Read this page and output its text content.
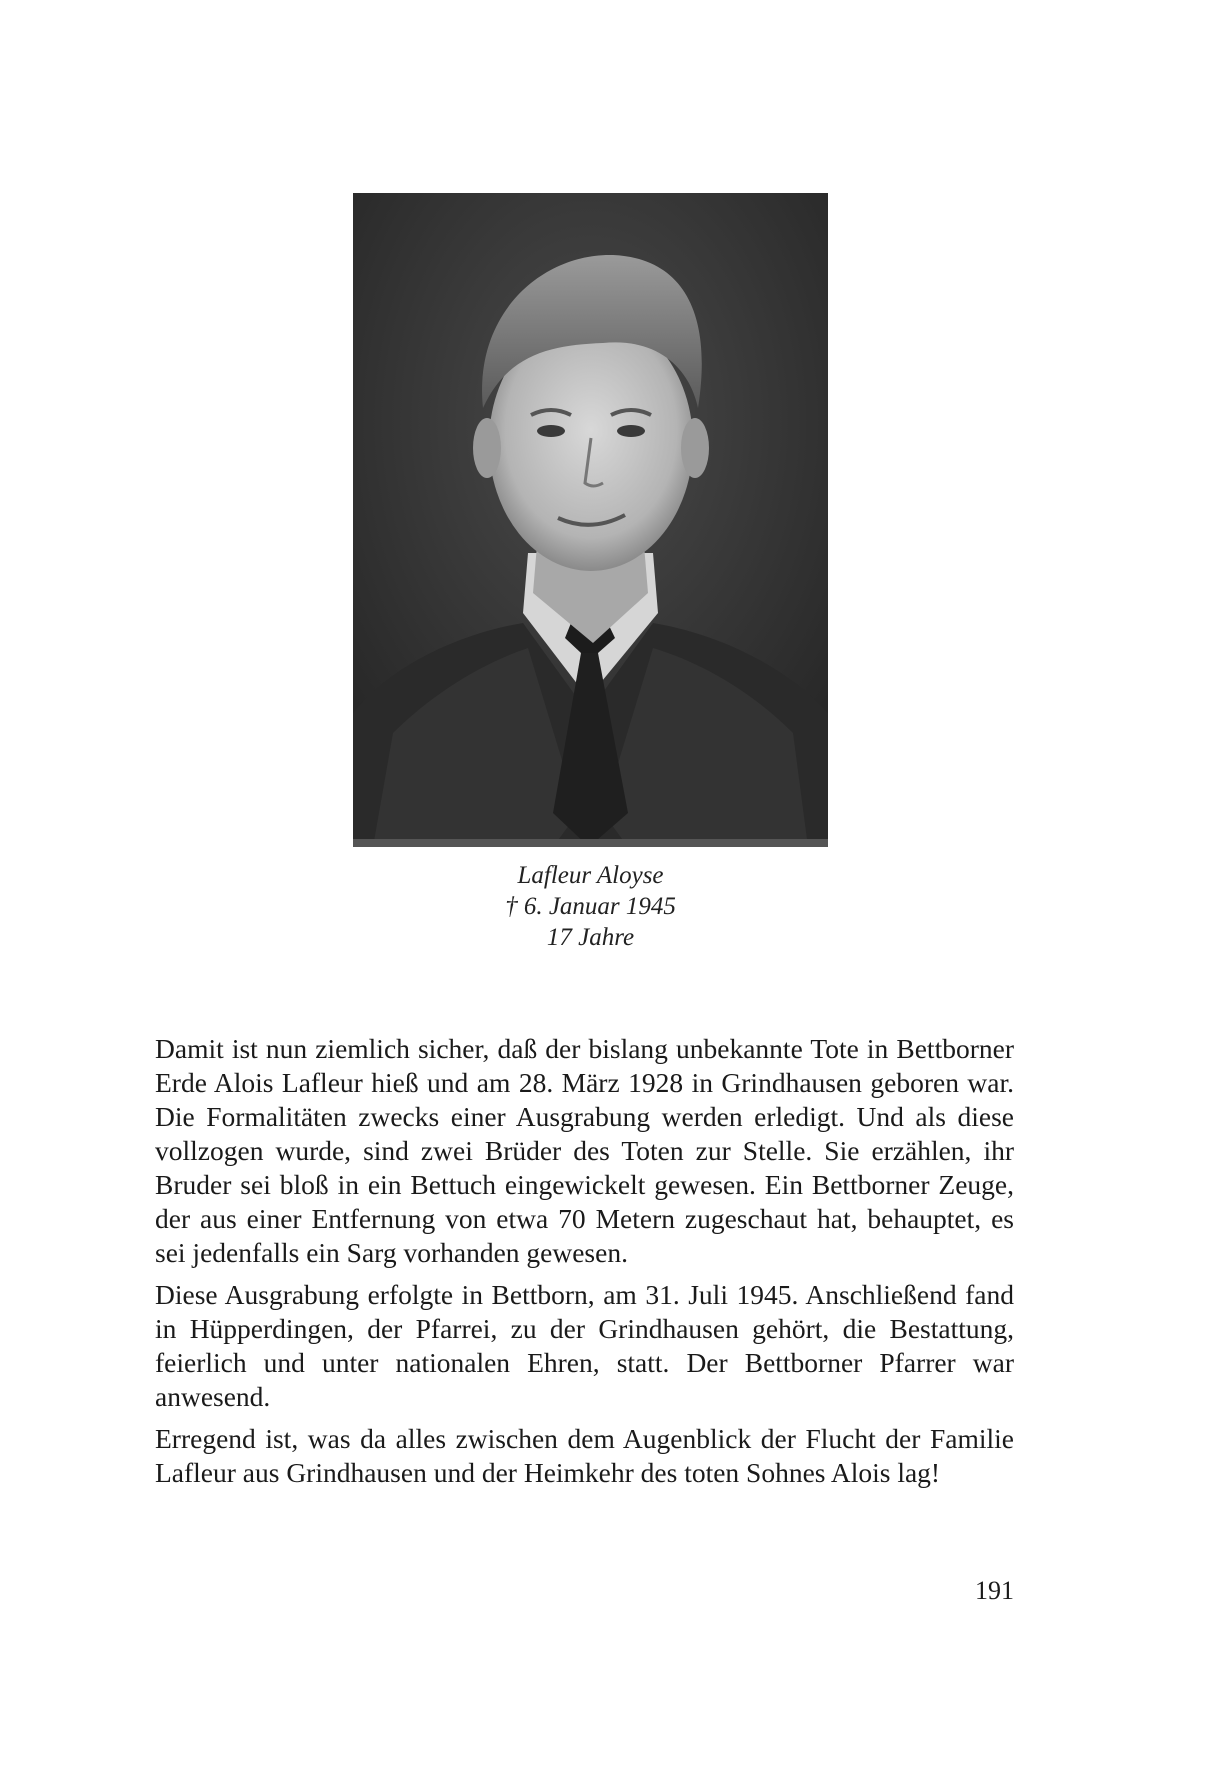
Lafleur Aloyse
† 6. Januar 1945
17 Jahre

Damit ist nun ziemlich sicher, daß der bislang unbekannte Tote in Bettborner Erde Alois Lafleur hieß und am 28. März 1928 in Grindhausen geboren war. Die Formalitäten zwecks einer Ausgrabung werden erledigt. Und als diese vollzogen wurde, sind zwei Brüder des Toten zur Stelle. Sie erzählen, ihr Bruder sei bloß in ein Bettuch eingewickelt gewesen. Ein Bettborner Zeuge, der aus einer Entfernung von etwa 70 Metern zugeschaut hat, behauptet, es sei jedenfalls ein Sarg vorhanden gewesen.

Diese Ausgrabung erfolgte in Bettborn, am 31. Juli 1945. Anschließend fand in Hüpperdingen, der Pfarrei, zu der Grindhausen gehört, die Bestattung, feierlich und unter nationalen Ehren, statt. Der Bettborner Pfarrer war anwesend.

Erregend ist, was da alles zwischen dem Augenblick der Flucht der Familie Lafleur aus Grindhausen und der Heimkehr des toten Sohnes Alois lag!

191
